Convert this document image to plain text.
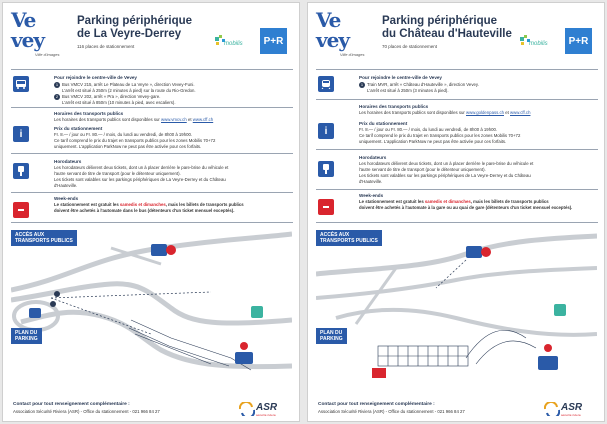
Ve
vey
Ville d'images
Parking périphérique
de La Veyre-Derrey
116 places de stationnement	mobilis	P+R
Pour rejoindre le centre-ville de Vevey
1 Bus VMCV 215, arrêt Le Plateau de La Veyre », direction Vevey-Funi.
L'arrêt est situé à 250m (2 minutes à pied) sur la route du Rio-Gredon.
2 Bus VMCV 202, arrêt « Pra », direction Vevey-gare.
L'arrêt est situé à 850m (10 minutes à pied, avec escaliers).
Horaires des transports publics
Les horaires des transports publics sont disponibles sur www.vmcv.ch et www.cff.ch
i	Prix du stationnement
Fr. 8.— / jour ou Fr. 80.— / mois, du lundi au vendredi, de 8h00 à 19h00.
Ce tarif comprend le prix du trajet en transports publics pour les zones Mobilis 70+72
uniquement. L'application ParkNow ne peut pas être activée pour ces forfaits.
Horodateurs
Les horodateurs délivrent deux tickets, dont un à placer derrière le pare-brise du véhicule et
l'autre servant de titre de transport (pour le détenteur uniquement).
Les tickets sont valables sur les parkings périphériques de La Veyre-Derrey et du Château
d'Hauteville.
Week-ends
Le stationnement est gratuit les samedis et dimanches, mais les billets de transports publics
doivent être achetés à l'automate dans le bus (détenteurs d'un ticket mensuel exceptés).
ACCÈS AUX
TRANSPORTS PUBLICS
PLAN DU
PARKING
Contact pour tout renseignement complémentaire :
Association Sécurité Riviera (ASR) - Office du stationnement - 021 966 84 27	ASR
sécurité riviera
Ve
vey
Ville d'images
Parking périphérique
du Château d'Hauteville
70 places de stationnement	mobilis	P+R
Pour rejoindre le centre-ville de Vevey
1 Train MVR, arrêt « Château d'Hauteville », direction Vevey.
L'arrêt est situé à 250m (3 minutes à pied).
Horaires des transports publics
Les horaires des transports publics sont disponibles sur www.goldenpass.ch et www.cff.ch
i
Prix du stationnement
Fr. 8.— / jour ou Fr. 80.— / mois, du lundi au vendredi, de 8h00 à 19h00.
Ce tarif comprend le prix du trajet en transports publics pour les zones Mobilis 70+72
uniquement. L'application ParkNow ne peut pas être activée pour ces forfaits.
Horodateurs
Les horodateurs délivrent deux tickets, dont un à placer derrière le pare-brise du véhicule et
l'autre servant de titre de transport (pour le détenteur uniquement).
Les tickets sont valables sur les parkings périphériques de La Veyre-Derrey et du Château
d'Hauteville.
Week-ends
Le stationnement est gratuit les samedis et dimanches, mais les billets de transports publics
doivent être achetés à l'automate à la gare ou au quai de gare (détenteurs d'un ticket mensuel exceptés).
ACCÈS AUX
TRANSPORTS PUBLICS
PLAN DU
PARKING
Contact pour tout renseignement complémentaire :
Association Sécurité Riviera (ASR) - Office du stationnement - 021 966 84 27	ASR
sécurité riviera
